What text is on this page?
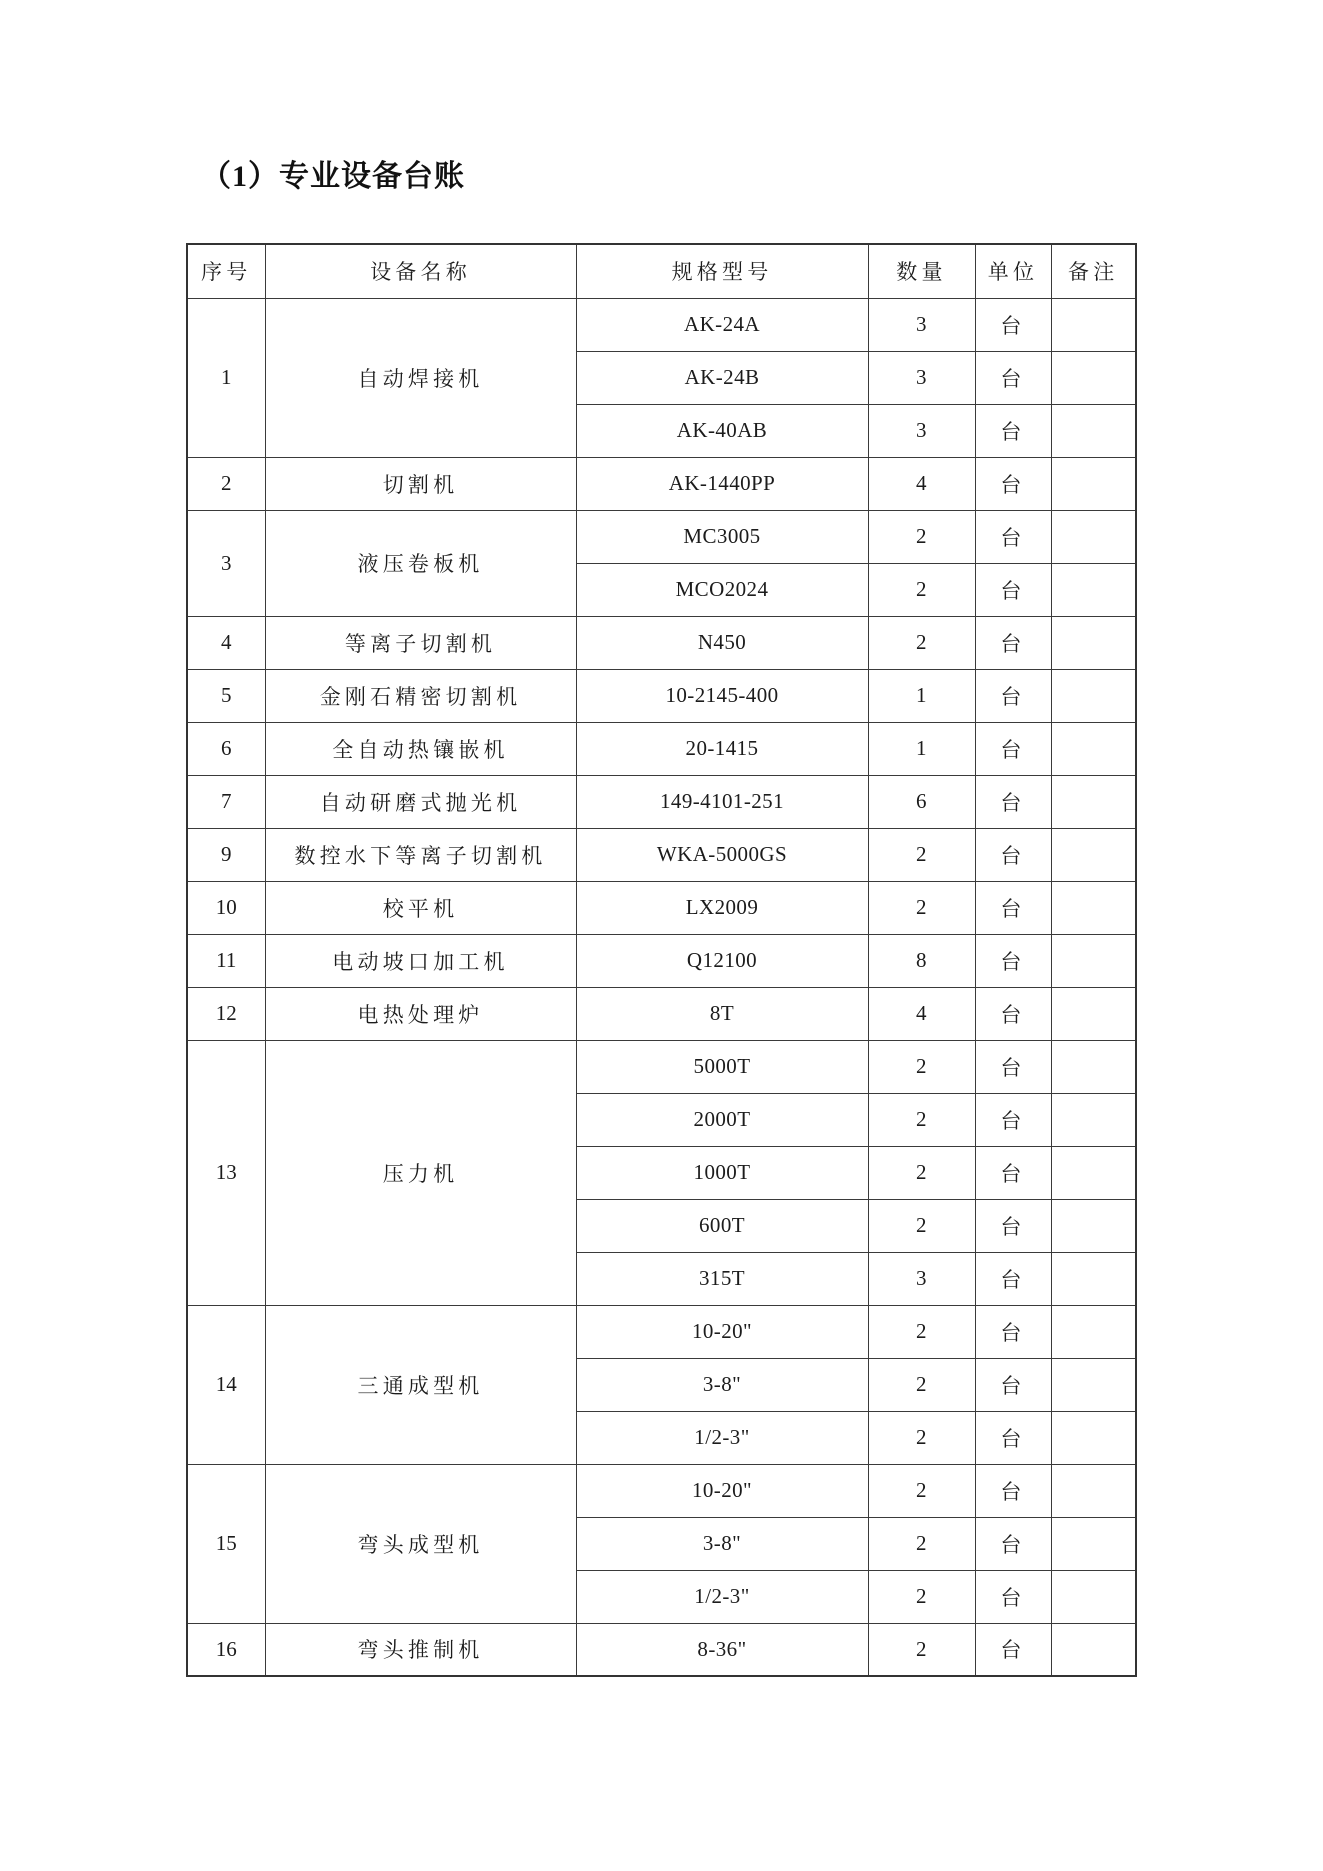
（1）专业设备台账
序号	设备名称	规格型号	数量	单位	备注
1	自动焊接机	AK-24A	3	台	
		AK-24B	3	台	
		AK-40AB	3	台	
2	切割机	AK-1440PP	4	台	
3	液压卷板机	MC3005	2	台	
		MCO2024	2	台	
4	等离子切割机	N450	2	台	
5	金刚石精密切割机	10-2145-400	1	台	
6	全自动热镶嵌机	20-1415	1	台	
7	自动研磨式抛光机	149-4101-251	6	台	
9	数控水下等离子切割机	WKA-5000GS	2	台	
10	校平机	LX2009	2	台	
11	电动坡口加工机	Q12100	8	台	
12	电热处理炉	8T	4	台	
13	压力机	5000T	2	台	
		2000T	2	台	
		1000T	2	台	
		600T	2	台	
		315T	3	台	
14	三通成型机	10-20"	2	台	
		3-8"	2	台	
		1/2-3"	2	台	
15	弯头成型机	10-20"	2	台	
		3-8"	2	台	
		1/2-3"	2	台	
16	弯头推制机	8-36"	2	台	
